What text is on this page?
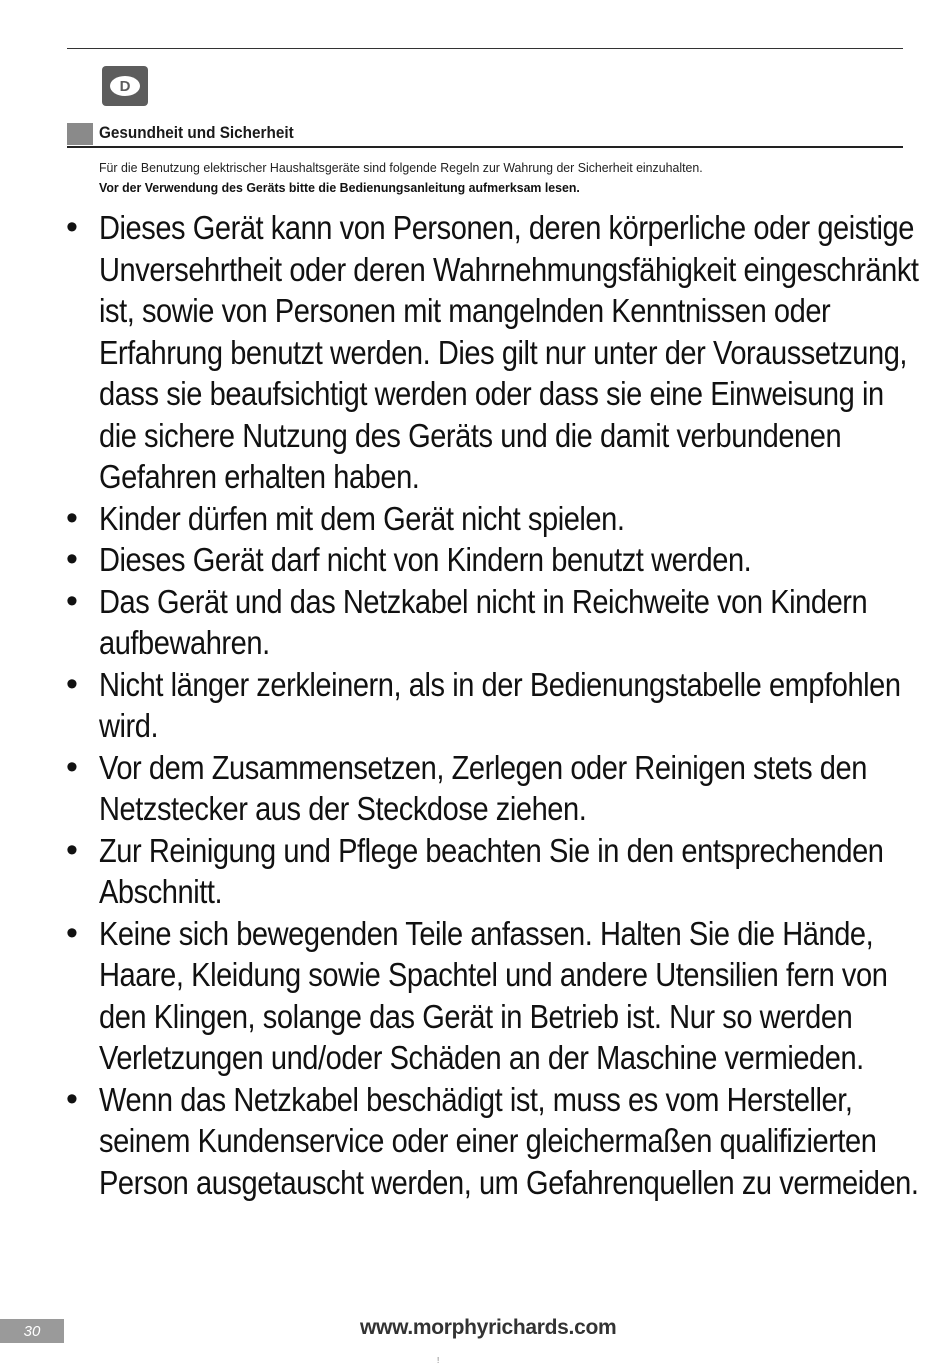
D
Gesundheit und Sicherheit
Für die Benutzung elektrischer Haushaltsgeräte sind folgende Regeln zur Wahrung der Sicherheit einzuhalten.
Vor der Verwendung des Geräts bitte die Bedienungsanleitung aufmerksam lesen.
• Dieses Gerät kann von Personen, deren körperliche oder geistige Unversehrtheit oder deren Wahrnehmungsfähigkeit eingeschränkt ist, sowie von Personen mit mangelnden Kenntnissen oder Erfahrung benutzt werden. Dies gilt nur unter der Voraussetzung, dass sie beaufsichtigt werden oder dass sie eine Einweisung in die sichere Nutzung des Geräts und die damit verbundenen Gefahren erhalten haben.
• Kinder dürfen mit dem Gerät nicht spielen.
• Dieses Gerät darf nicht von Kindern benutzt werden.
• Das Gerät und das Netzkabel nicht in Reichweite von Kindern aufbewahren.
• Nicht länger zerkleinern, als in der Bedienungstabelle empfohlen wird.
• Vor dem Zusammensetzen, Zerlegen oder Reinigen stets den Netzstecker aus der Steckdose ziehen.
• Zur Reinigung und Pflege beachten Sie in den entsprechenden Abschnitt.
• Keine sich bewegenden Teile anfassen. Halten Sie die Hände, Haare, Kleidung sowie Spachtel und andere Utensilien fern von den Klingen, solange das Gerät in Betrieb ist. Nur so werden Verletzungen und/oder Schäden an der Maschine vermieden.
• Wenn das Netzkabel beschädigt ist, muss es vom Hersteller, seinem Kundenservice oder einer gleichermaßen qualifizierten Person ausgetauscht werden, um Gefahrenquellen zu vermeiden.
30	www.morphyrichards.com
!
